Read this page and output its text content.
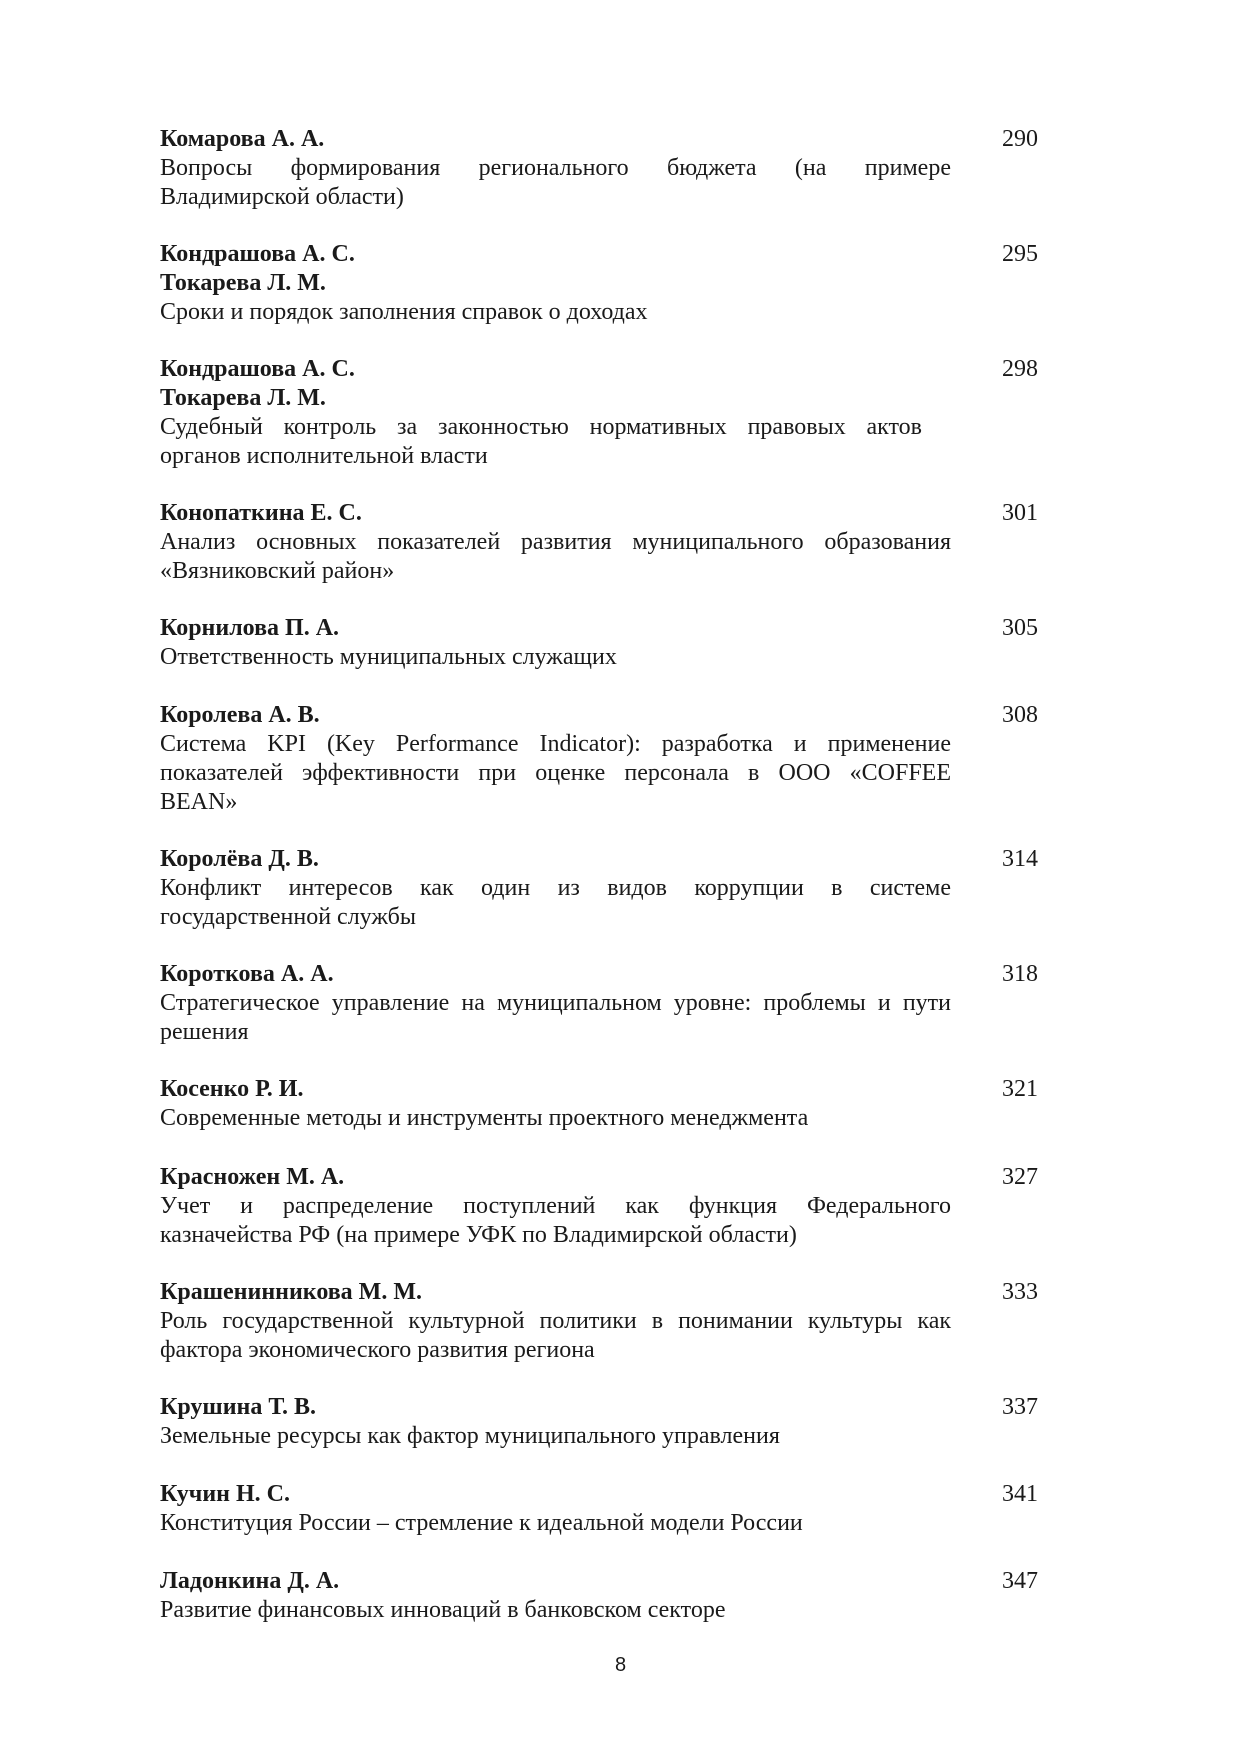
Комарова А. А.
Вопросы формирования регионального бюджета (на примере
Владимирской области)
290
Кондрашова А. С.
Токарева Л. М.
Сроки и порядок заполнения справок о доходах
295
Кондрашова А. С.
Токарева Л. М.
Судебный контроль за законностью нормативных правовых актов
органов исполнительной власти
298
Конопаткина Е. С.
Анализ основных показателей развития муниципального образования
«Вязниковский район»
301
Корнилова П. А.
Ответственность муниципальных служащих
305
Королева А. В.
Система KPI (Key Performance Indicator): разработка и применение
показателей эффективности при оценке персонала в ООО «COFFEE
BEAN»
308
Королёва Д. В.
Конфликт интересов как один из видов коррупции в системе
государственной службы
314
Короткова А. А.
Стратегическое управление на муниципальном уровне: проблемы и пути
решения
318
Косенко Р. И.
Современные методы и инструменты проектного менеджмента
321
Красножен М. А.
Учет и распределение поступлений как функция Федерального
казначейства РФ (на примере УФК по Владимирской области)
327
Крашенинникова М. М.
Роль государственной культурной политики в понимании культуры как
фактора экономического развития региона
333
Крушина Т. В.
Земельные ресурсы как фактор муниципального управления
337
Кучин Н. С.
Конституция России – стремление к идеальной модели России
341
Ладонкина Д. А.
Развитие финансовых инноваций в банковском секторе
347
8
